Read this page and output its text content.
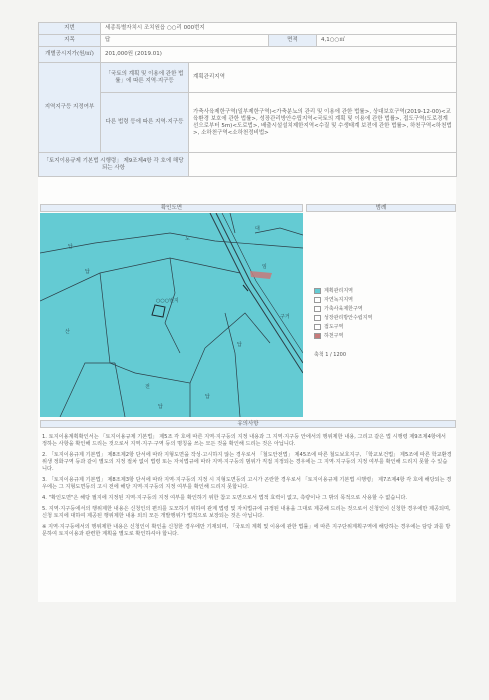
지번	세종특별자치시 조치원읍 ○○리 000번지			
지목	답		면적	4,1○○㎡
개별공시지가(원/㎡)	201,000원 (2019.01)			
지역지구등 지정여부	「국토의 계획 및 이용에 관한 법률」에 따른 지역·지구등	계획관리지역		
	다른 법령 등에 따른 지역·지구등	가축사육제한구역(일부제한구역)<가축분뇨의 관리 및 이용에 관한 법률>, 상대보호구역(2019-12-00)<교육환경 보호에 관한 법률>, 성장관리방안수립지역<국토의 계획 및 이용에 관한 법률>, 접도구역(도로경계선으로부터 5m)<도로법>, 배출시설설치제한지역<수질 및 수생태계 보전에 관한 법률>, 하천구역<하천법>, 소하천구역<소하천정비법>		
「토지이용규제 기본법 시행령」 제9조제4항 각 호에 해당되는 사항				
확인도면	범례
답
도
대
답
임
산
답
전
답
구거
답
○○○번지
계획관리지역
자연녹지지역
가축사육제한구역
성장관리방안수립지역
접도구역
하천구역
축척 1 / 1200
유의사항

1. 토지이용계획확인서는 「토지이용규제 기본법」 제5조 각 호에 따른 지역·지구등의 지정 내용과 그 지역·지구등 안에서의 행위제한 내용, 그리고 같은 법 시행령 제9조제4항에서 정하는 사항을 확인해 드리는 것으로서 지역·지구·구역 등의 명칭을 쓰는 모든 것을 확인해 드리는 것은 아닙니다.

2. 「토지이용규제 기본법」 제8조제2항 단서에 따라 지형도면을 작성·고시하지 않는 경우로서 「철도안전법」 제45조에 따른 철도보호지구, 「학교보건법」 제5조에 따른 학교환경위생 정화구역 등과 같이 별도의 지정 절차 없이 법령 또는 자치법규에 따라 지역·지구등의 범위가 직접 지정되는 경우에는 그 지역·지구등의 지정 여부를 확인해 드리지 못할 수 있습니다.

3. 「토지이용규제 기본법」 제8조제3항 단서에 따라 지역·지구등의 지정 시 지형도면등의 고시가 곤란한 경우로서 「토지이용규제 기본법 시행령」 제7조제4항 각 호에 해당되는 경우에는 그 지형도면등의 고시 전에 해당 지역·지구등의 지정 여부를 확인해 드리지 못합니다.

4. "확인도면"은 해당 필지에 지정된 지역·지구등의 지정 여부를 확인하기 위한 참고 도면으로서 법적 효력이 없고, 측량이나 그 밖의 목적으로 사용할 수 없습니다.

5. 지역·지구등에서의 행위제한 내용은 신청인의 편의를 도모하기 위하여 관계 법령 및 자치법규에 규정된 내용을 그대로 제공해 드리는 것으로서 신청인이 신청한 경우에만 제공되며, 신청 토지에 대하여 제공된 행위제한 내용 외의 모든 개발행위가 법적으로 보장되는 것은 아닙니다.

※ 지역·지구등에서의 행위제한 내용은 신청인이 확인을 신청한 경우에만 기재되며, 「국토의 계획 및 이용에 관한 법률」에 따른 지구단위계획구역에 해당하는 경우에는 담당 과를 방문하여 토지이용과 관련한 계획을 별도로 확인하셔야 합니다.
